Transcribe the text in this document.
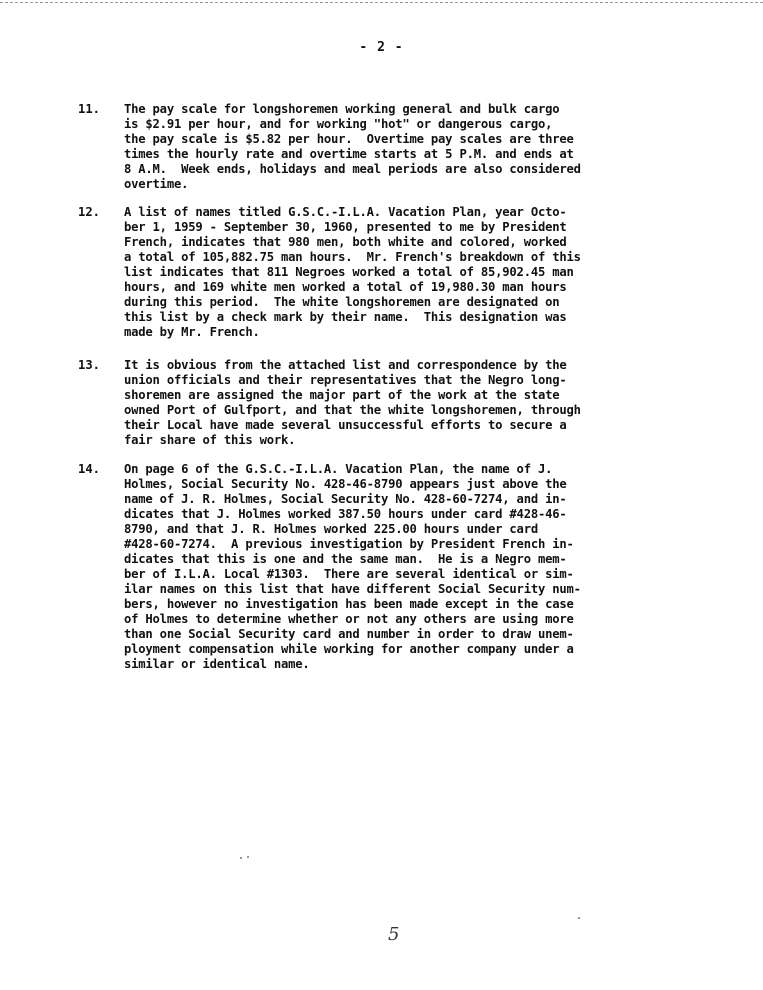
- 2 -
11. The pay scale for longshoremen working general and bulk cargo
is $2.91 per hour, and for working "hot" or dangerous cargo,
the pay scale is $5.82 per hour.  Overtime pay scales are three
times the hourly rate and overtime starts at 5 P.M. and ends at
8 A.M.  Week ends, holidays and meal periods are also considered
overtime.
12. A list of names titled G.S.C.-I.L.A. Vacation Plan, year Octo-
ber 1, 1959 - September 30, 1960, presented to me by President
French, indicates that 980 men, both white and colored, worked
a total of 105,882.75 man hours.  Mr. French's breakdown of this
list indicates that 811 Negroes worked a total of 85,902.45 man
hours, and 169 white men worked a total of 19,980.30 man hours
during this period.  The white longshoremen are designated on
this list by a check mark by their name.  This designation was
made by Mr. French.
13. It is obvious from the attached list and correspondence by the
union officials and their representatives that the Negro long-
shoremen are assigned the major part of the work at the state
owned Port of Gulfport, and that the white longshoremen, through
their Local have made several unsuccessful efforts to secure a
fair share of this work.
14. On page 6 of the G.S.C.-I.L.A. Vacation Plan, the name of J.
Holmes, Social Security No. 428-46-8790 appears just above the
name of J. R. Holmes, Social Security No. 428-60-7274, and in-
dicates that J. Holmes worked 387.50 hours under card #428-46-
8790, and that J. R. Holmes worked 225.00 hours under card
#428-60-7274.  A previous investigation by President French in-
dicates that this is one and the same man.  He is a Negro mem-
ber of I.L.A. Local #1303.  There are several identical or sim-
ilar names on this list that have different Social Security num-
bers, however no investigation has been made except in the case
of Holmes to determine whether or not any others are using more
than one Social Security card and number in order to draw unem-
ployment compensation while working for another company under a
similar or identical name.
5
